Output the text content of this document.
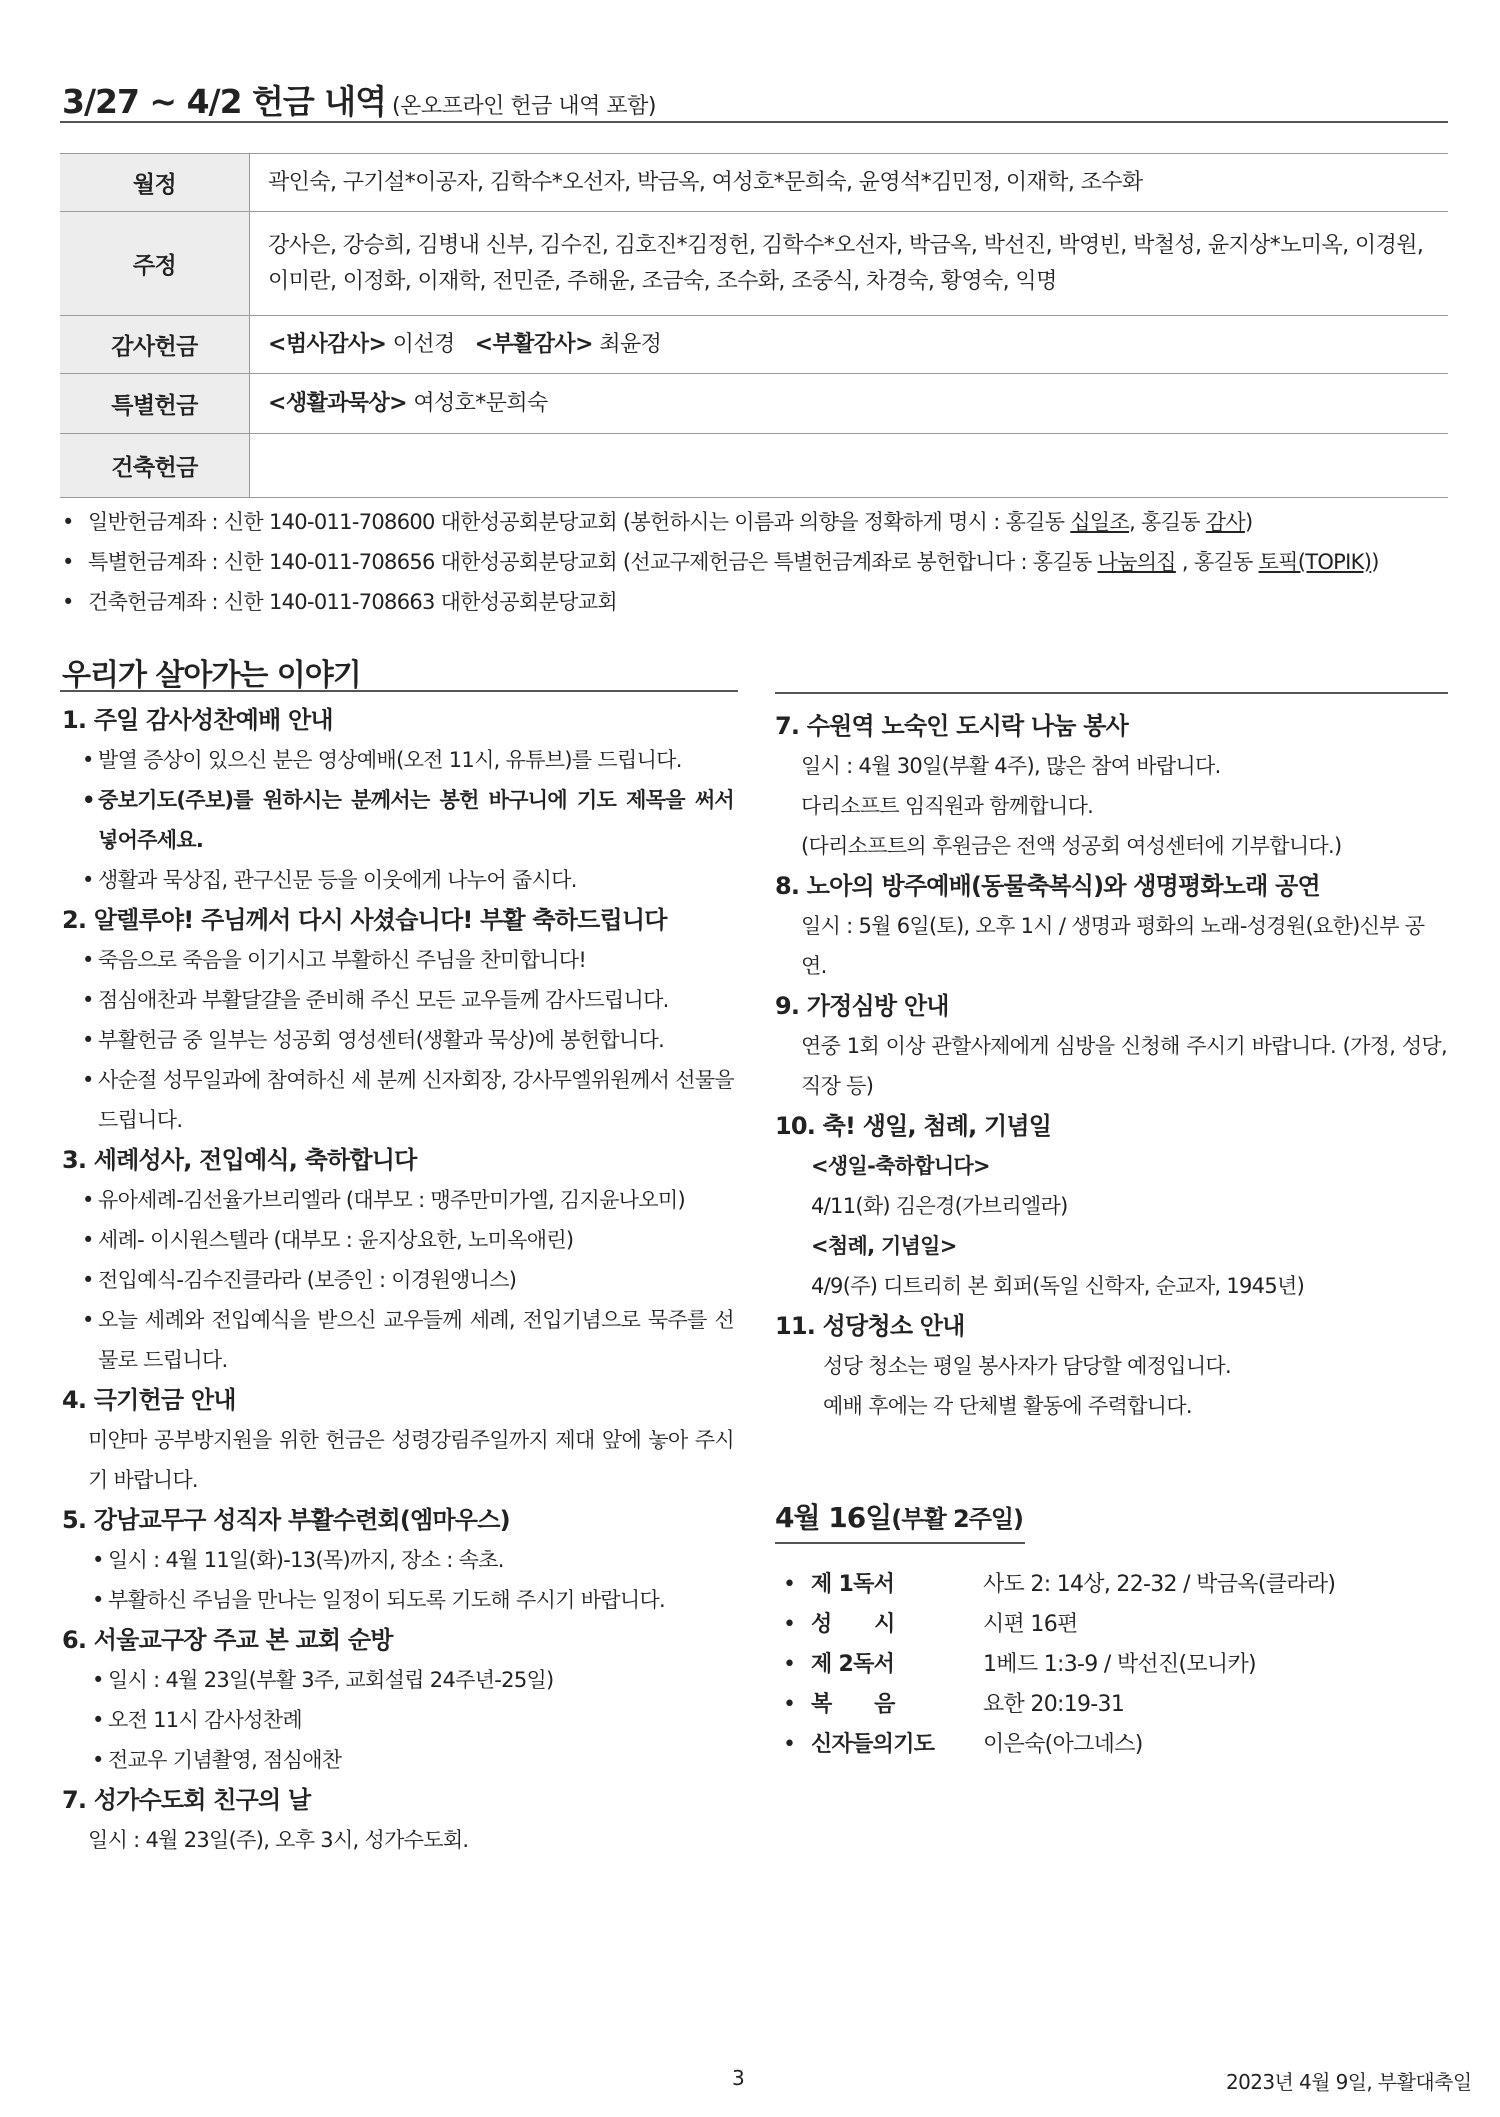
3/27 ~ 4/2 헌금 내역 (온오프라인 헌금 내역 포함)
월정	곽인숙, 구기설*이공자, 김학수*오선자, 박금옥, 여성호*문희숙, 윤영석*김민정, 이재학, 조수화
주정	강사은, 강승희, 김병내 신부, 김수진, 김호진*김정헌, 김학수*오선자, 박금옥, 박선진, 박영빈, 박철성, 윤지상*노미옥, 이경원, 이미란, 이정화, 이재학, 전민준, 주해윤, 조금숙, 조수화, 조중식, 차경숙, 황영숙, 익명
감사헌금	<범사감사> 이선경 <부활감사> 최윤정
특별헌금	<생활과묵상> 여성호*문희숙
건축헌금	
• 일반헌금계좌 : 신한 140-011-708600 대한성공회분당교회 (봉헌하시는 이름과 의향을 정확하게 명시 : 홍길동 십일조, 홍길동 감사)
• 특별헌금계좌 : 신한 140-011-708656 대한성공회분당교회 (선교구제헌금은 특별헌금계좌로 봉헌합니다 : 홍길동 나눔의집 , 홍길동 토픽(TOPIK))
• 건축헌금계좌 : 신한 140-011-708663 대한성공회분당교회
우리가 살아가는 이야기
1. 주일 감사성찬예배 안내
• 발열 증상이 있으신 분은 영상예배(오전 11시, 유튜브)를 드립니다.
• 중보기도(주보)를 원하시는 분께서는 봉헌 바구니에 기도 제목을 써서 넣어주세요.
• 생활과 묵상집, 관구신문 등을 이웃에게 나누어 줍시다.
2. 알렐루야! 주님께서 다시 사셨습니다! 부활 축하드립니다
• 죽음으로 죽음을 이기시고 부활하신 주님을 찬미합니다!
• 점심애찬과 부활달걀을 준비해 주신 모든 교우들께 감사드립니다.
• 부활헌금 중 일부는 성공회 영성센터(생활과 묵상)에 봉헌합니다.
• 사순절 성무일과에 참여하신 세 분께 신자회장, 강사무엘위원께서 선물을 드립니다.
3. 세례성사, 전입예식, 축하합니다
• 유아세례-김선율가브리엘라 (대부모 : 맹주만미가엘, 김지윤나오미)
• 세례- 이시원스텔라 (대부모 : 윤지상요한, 노미옥애린)
• 전입예식-김수진클라라 (보증인 : 이경원앵니스)
• 오늘 세례와 전입예식을 받으신 교우들께 세례, 전입기념으로 묵주를 선물로 드립니다.
4. 극기헌금 안내

미얀마 공부방지원을 위한 헌금은 성령강림주일까지 제대 앞에 놓아 주시기 바랍니다.

5. 강남교무구 성직자 부활수련회(엠마우스)
• 일시 : 4월 11일(화)-13(목)까지, 장소 : 속초.
• 부활하신 주님을 만나는 일정이 되도록 기도해 주시기 바랍니다.
6. 서울교구장 주교 본 교회 순방
• 일시 : 4월 23일(부활 3주, 교회설립 24주년-25일)
• 오전 11시 감사성찬례
• 전교우 기념촬영, 점심애찬
7. 성가수도회 친구의 날

일시 : 4월 23일(주), 오후 3시, 성가수도회.

7. 수원역 노숙인 도시락 나눔 봉사

일시 : 4월 30일(부활 4주), 많은 참여 바랍니다.

다리소프트 임직원과 함께합니다.

(다리소프트의 후원금은 전액 성공회 여성센터에 기부합니다.)

8. 노아의 방주예배(동물축복식)와 생명평화노래 공연

일시 : 5월 6일(토), 오후 1시 / 생명과 평화의 노래-성경원(요한)신부 공연.

9. 가정심방 안내

연중 1회 이상 관할사제에게 심방을 신청해 주시기 바랍니다. (가정, 성당, 직장 등)

10. 축! 생일, 첨례, 기념일

<생일-축하합니다>

4/11(화) 김은경(가브리엘라)

<첨례, 기념일>

4/9(주) 디트리히 본 회퍼(독일 신학자, 순교자, 1945년)

11. 성당청소 안내

성당 청소는 평일 봉사자가 담당할 예정입니다.

예배 후에는 각 단체별 활동에 주력합니다.

4월 16일(부활 2주일)
• 제 1독서	사도 2: 14상, 22-32 / 박금옥(클라라)
• 성　　시	시편 16편
• 제 2독서	1베드 1:3-9 / 박선진(모니카)
• 복　　음	요한 20:19-31
• 신자들의기도 이은숙(아그네스)
3	2023년 4월 9일, 부활대축일
